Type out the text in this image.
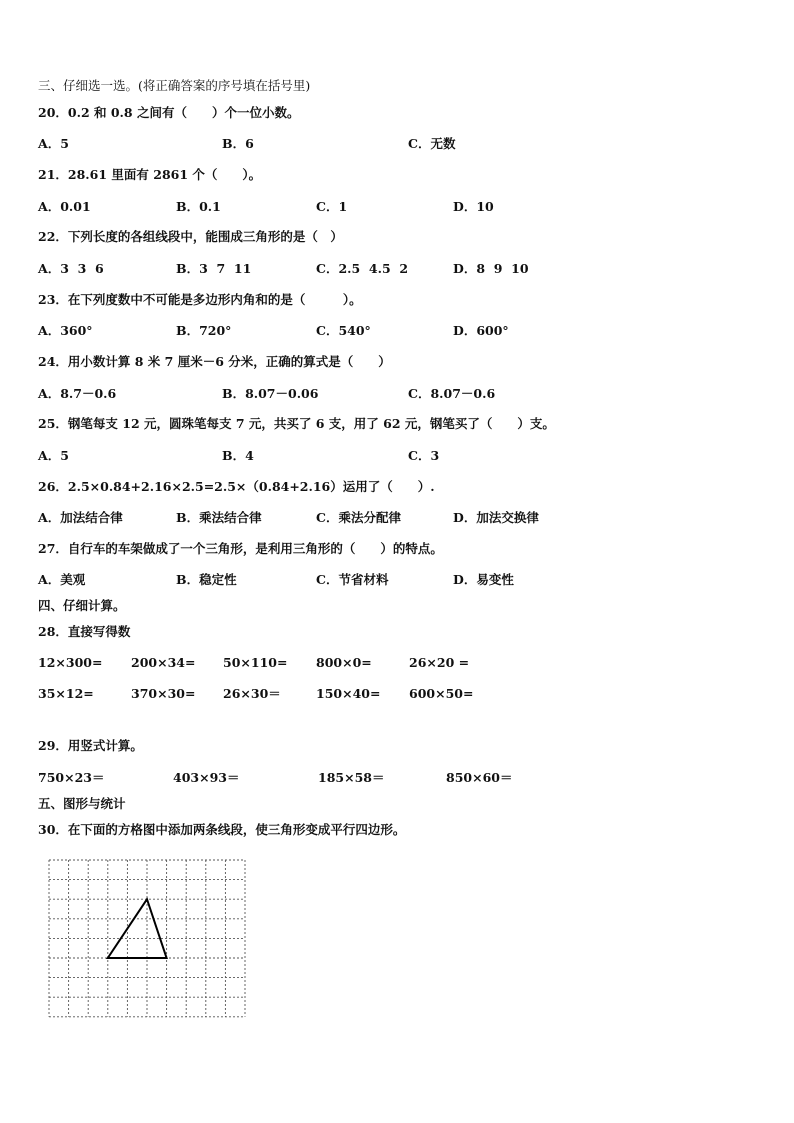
三、仔细选一选。(将正确答案的序号填在括号里)
20．0.2 和 0.8 之间有（　　）个一位小数。
A．5	B．6	C．无数
21．28.61 里面有 2861 个（　　）。
A．0.01	B．0.1	C．1	D．10
22．下列长度的各组线段中，能围成三角形的是（　）
A．3  3  6	B．3  7  11	C．2.5  4.5  2	D．8  9  10
23．在下列度数中不可能是多边形内角和的是（　　　）。
A．360°	B．720°	C．540°	D．600°
24．用小数计算 8 米 7 厘米－6 分米，正确的算式是（　　）
A．8.7－0.6	B．8.07－0.06	C．8.07－0.6
25．钢笔每支 12 元，圆珠笔每支 7 元，共买了 6 支，用了 62 元，钢笔买了（　　）支。
A．5	B．4	C．3
26．2.5×0.84+2.16×2.5=2.5×（0.84+2.16）运用了（　　）.
A．加法结合律	B．乘法结合律	C．乘法分配律	D．加法交换律
27．自行车的车架做成了一个三角形，是利用三角形的（　　）的特点。
A．美观	B．稳定性	C．节省材料	D．易变性
四、仔细计算。
28．直接写得数
12×300= 200×34= 50×110= 800×0=	26×20 =
35×12=	370×30= 26×30＝	150×40= 600×50=
29．用竖式计算。
750×23＝	403×93＝	185×58＝	850×60＝
五、图形与统计
30．在下面的方格图中添加两条线段，使三角形变成平行四边形。
